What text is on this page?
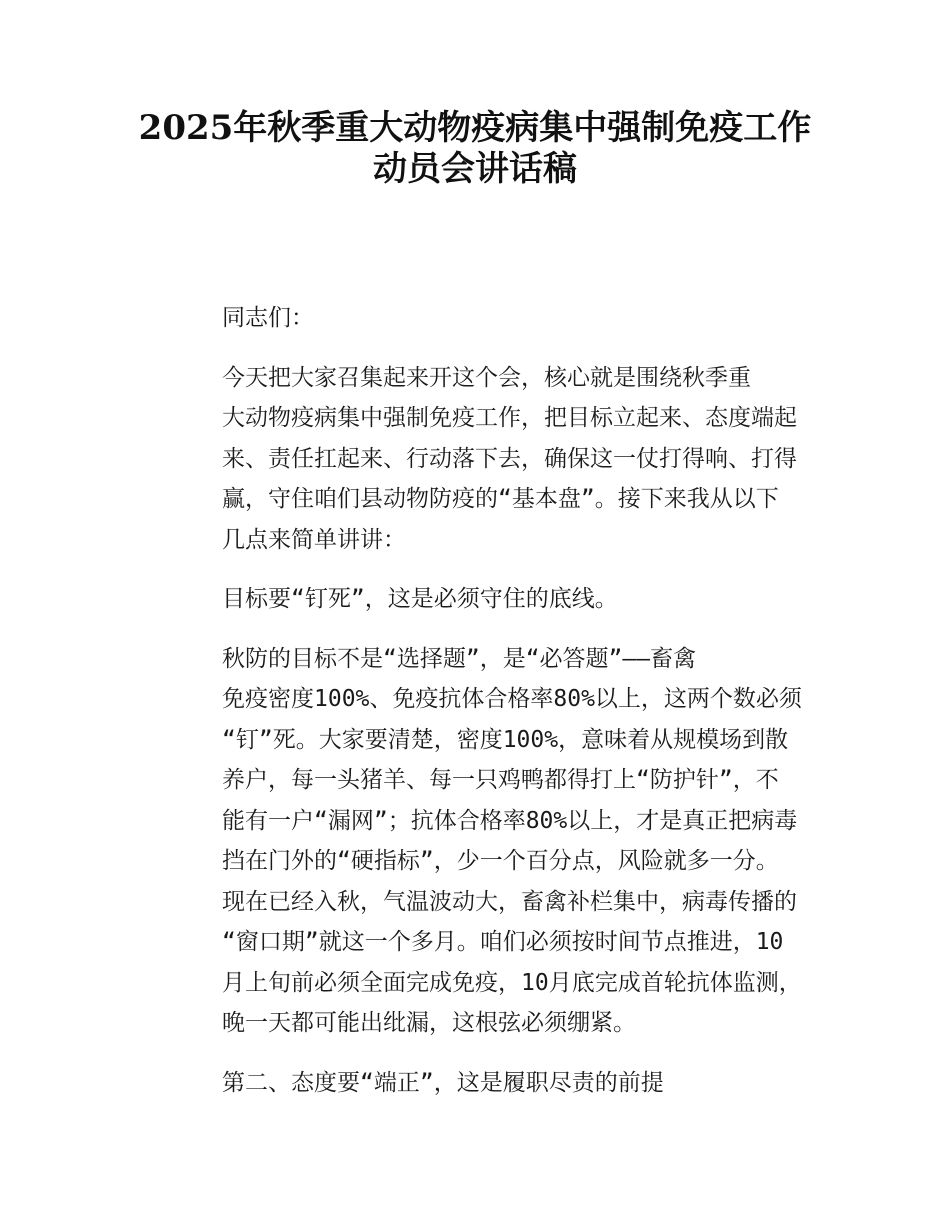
2025年秋季重大动物疫病集中强制免疫工作
动员会讲话稿

同志们：

今天把大家召集起来开这个会，核心就是围绕秋季重
大动物疫病集中强制免疫工作，把目标立起来、态度端起
来、责任扛起来、行动落下去，确保这一仗打得响、打得
赢，守住咱们县动物防疫的“基本盘”。接下来我从以下
几点来简单讲讲：

目标要“钉死”，这是必须守住的底线。

秋防的目标不是“选择题”，是“必答题”——畜禽
免疫密度100%、免疫抗体合格率80%以上，这两个数必须
“钉”死。大家要清楚，密度100%，意味着从规模场到散
养户，每一头猪羊、每一只鸡鸭都得打上“防护针”，不
能有一户“漏网”；抗体合格率80%以上，才是真正把病毒
挡在门外的“硬指标”，少一个百分点，风险就多一分。
现在已经入秋，气温波动大，畜禽补栏集中，病毒传播的
“窗口期”就这一个多月。咱们必须按时间节点推进，10
月上旬前必须全面完成免疫，10月底完成首轮抗体监测，
晚一天都可能出纰漏，这根弦必须绷紧。

第二、态度要“端正”，这是履职尽责的前提
